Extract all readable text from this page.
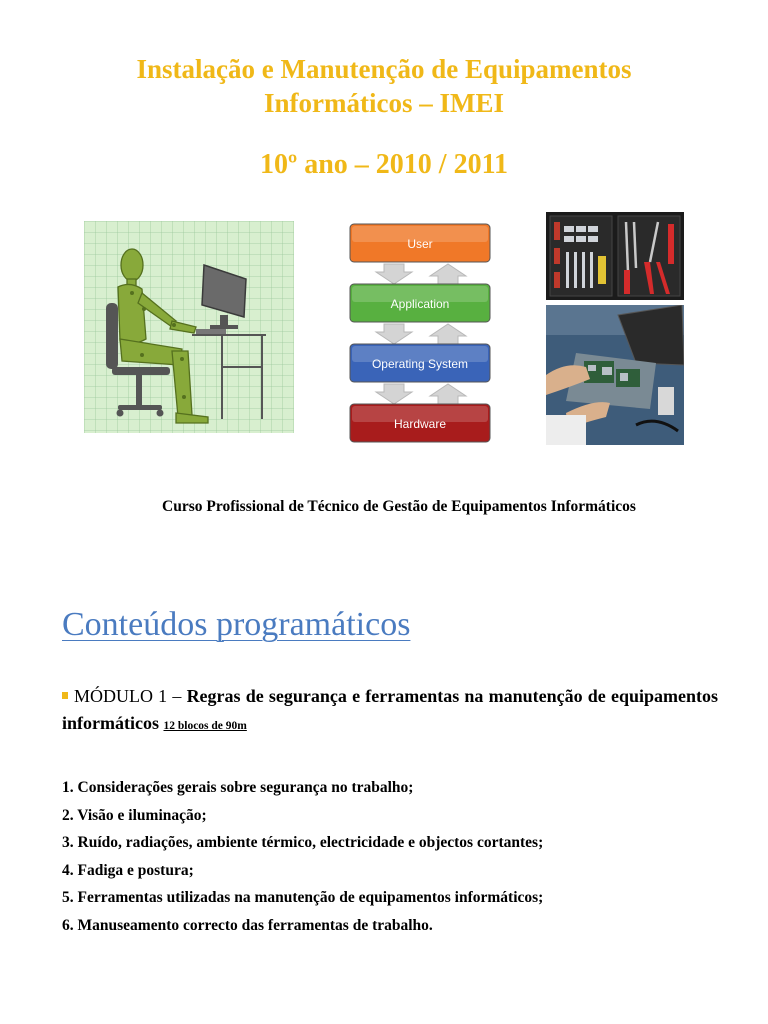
Instalação e Manutenção de Equipamentos
Informáticos – IMEI
10º ano – 2010 / 2011
User
Application
Operating System
Hardware
Curso Profissional de Técnico de Gestão de Equipamentos Informáticos
Conteúdos programáticos
MÓDULO 1 – Regras de segurança e ferramentas na manutenção de equipamentos informáticos 12 blocos de 90m
1. Considerações gerais sobre segurança no trabalho;
2. Visão e iluminação;
3. Ruído, radiações, ambiente térmico, electricidade e objectos cortantes;
4. Fadiga e postura;
5. Ferramentas utilizadas na manutenção de equipamentos informáticos;
6. Manuseamento correcto das ferramentas de trabalho.
